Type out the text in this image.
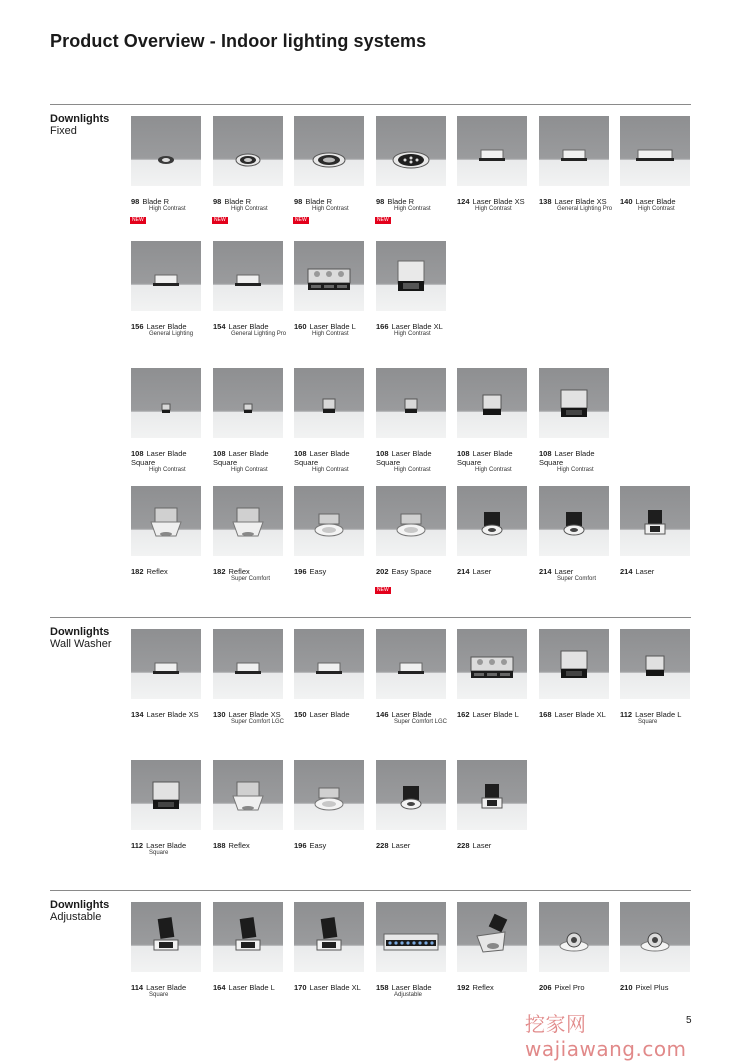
Product Overview - Indoor lighting systems
Downlights
Fixed
98 Blade R
High Contrast
NEW
98 Blade R
High Contrast
NEW
98 Blade R
High Contrast
NEW
98 Blade R
High Contrast
NEW
124 Laser Blade XS
High Contrast
138 Laser Blade XS
General Lighting Pro
140 Laser Blade
High Contrast
156 Laser Blade
General Lighting
154 Laser Blade
General Lighting Pro
160 Laser Blade L
High Contrast
166 Laser Blade XL
High Contrast
108 Laser Blade Square
High Contrast
108 Laser Blade Square
High Contrast
108 Laser Blade Square
High Contrast
108 Laser Blade Square
High Contrast
108 Laser Blade Square
High Contrast
108 Laser Blade Square
High Contrast
182 Reflex	182 Reflex
Super Comfort
196 Easy	202 Easy Space
NEW
214 Laser	214 Laser
Super Comfort
214 Laser
Downlights
Wall Washer
134 Laser Blade XS	130 Laser Blade XS
Super Comfort LGC
150 Laser Blade	146 Laser Blade
Super Comfort LGC
162 Laser Blade L	168 Laser Blade XL	112 Laser Blade L
Square
112 Laser Blade
Square
188 Reflex	196 Easy	228 Laser	228 Laser
Downlights
Adjustable
114 Laser Blade
Square
164 Laser Blade L	170 Laser Blade XL	158 Laser Blade
Adjustable
192 Reflex	206 Pixel Pro	210 Pixel Plus
挖家网 wajiawang.com
5
